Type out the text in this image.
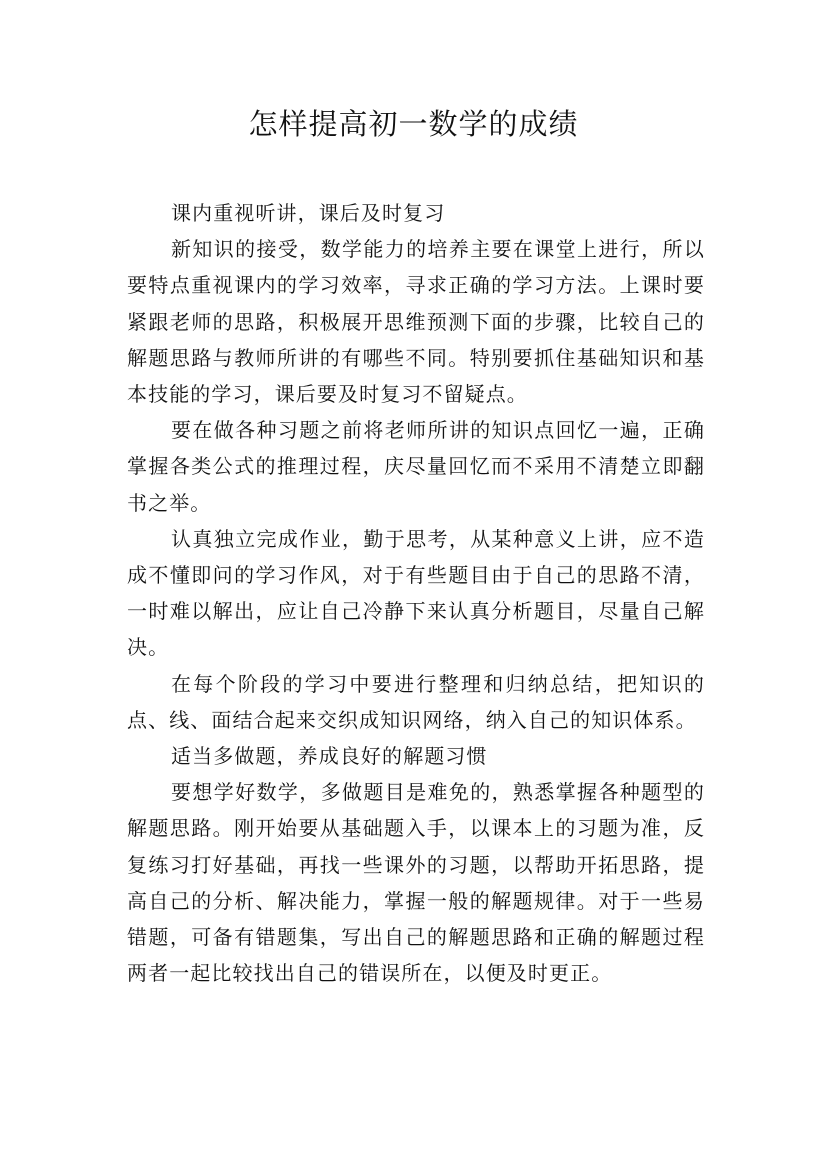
怎样提高初一数学的成绩

课内重视听讲，课后及时复习

新知识的接受，数学能力的培养主要在课堂上进行，所以要特点重视课内的学习效率，寻求正确的学习方法。上课时要紧跟老师的思路，积极展开思维预测下面的步骤，比较自己的解题思路与教师所讲的有哪些不同。特别要抓住基础知识和基本技能的学习，课后要及时复习不留疑点。

要在做各种习题之前将老师所讲的知识点回忆一遍，正确掌握各类公式的推理过程，庆尽量回忆而不采用不清楚立即翻书之举。

认真独立完成作业，勤于思考，从某种意义上讲，应不造成不懂即问的学习作风，对于有些题目由于自己的思路不清，一时难以解出，应让自己冷静下来认真分析题目，尽量自己解决。

在每个阶段的学习中要进行整理和归纳总结，把知识的点、线、面结合起来交织成知识网络，纳入自己的知识体系。

适当多做题，养成良好的解题习惯

要想学好数学，多做题目是难免的，熟悉掌握各种题型的解题思路。刚开始要从基础题入手，以课本上的习题为准，反复练习打好基础，再找一些课外的习题，以帮助开拓思路，提高自己的分析、解决能力，掌握一般的解题规律。对于一些易错题，可备有错题集，写出自己的解题思路和正确的解题过程两者一起比较找出自己的错误所在，以便及时更正。
